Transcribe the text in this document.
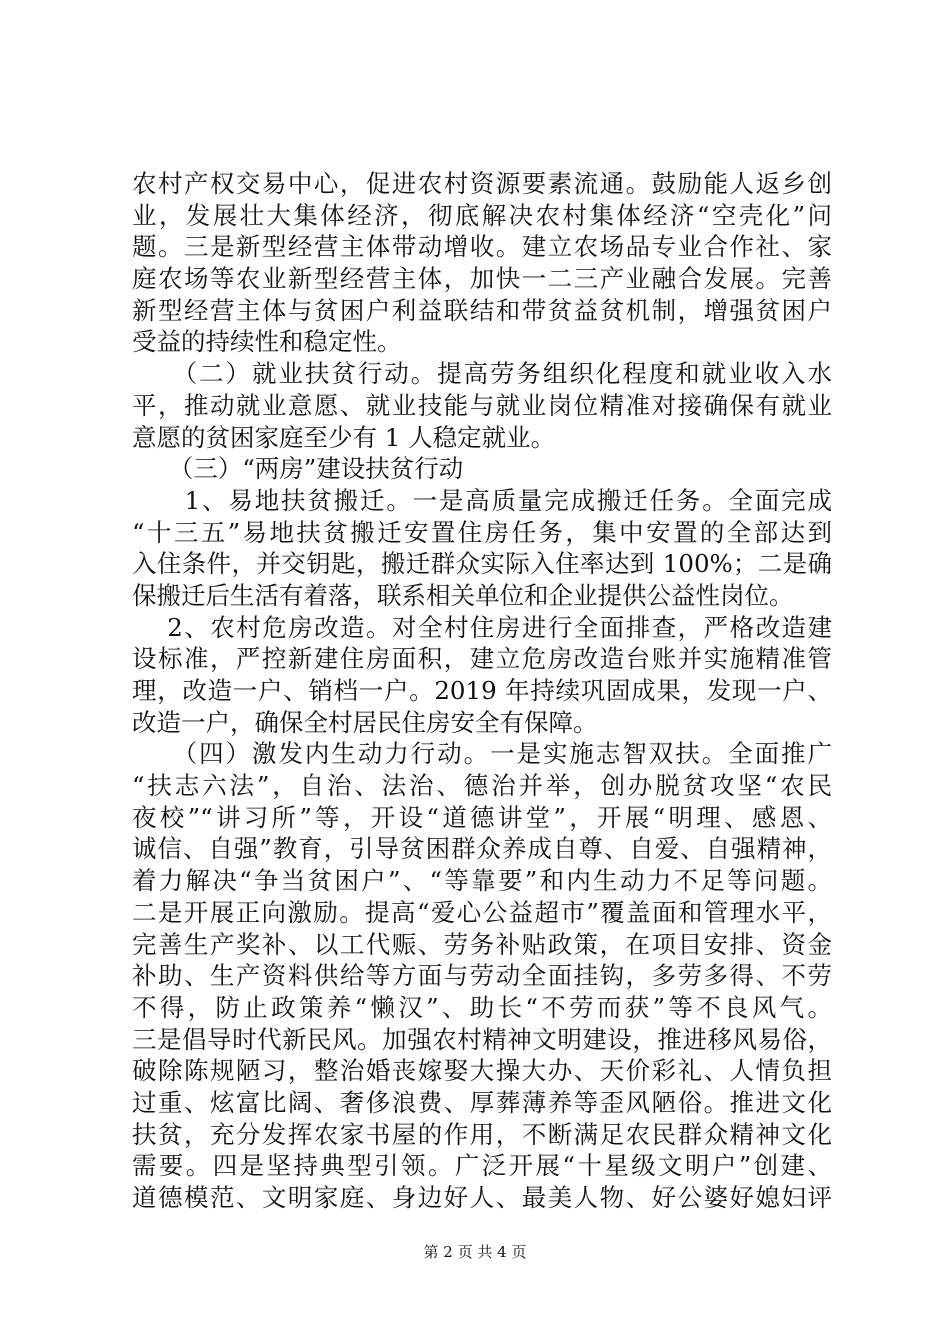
农村产权交易中心，促进农村资源要素流通。鼓励能人返乡创
业，发展壮大集体经济，彻底解决农村集体经济“空壳化”问
题。三是新型经营主体带动增收。建立农场品专业合作社、家
庭农场等农业新型经营主体，加快一二三产业融合发展。完善
新型经营主体与贫困户利益联结和带贫益贫机制，增强贫困户
受益的持续性和稳定性。
　　（二）就业扶贫行动。提高劳务组织化程度和就业收入水
平，推动就业意愿、就业技能与就业岗位精准对接确保有就业
意愿的贫困家庭至少有 1 人稳定就业。
　　（三）“两房”建设扶贫行动
　　1、易地扶贫搬迁。一是高质量完成搬迁任务。全面完成
“十三五”易地扶贫搬迁安置住房任务，集中安置的全部达到
入住条件，并交钥匙，搬迁群众实际入住率达到 100%；二是确
保搬迁后生活有着落，联系相关单位和企业提供公益性岗位。
　 2、农村危房改造。对全村住房进行全面排查，严格改造建
设标准，严控新建住房面积，建立危房改造台账并实施精准管
理，改造一户、销档一户。2019 年持续巩固成果，发现一户、
改造一户，确保全村居民住房安全有保障。
　　（四）激发内生动力行动。一是实施志智双扶。全面推广
“扶志六法”，自治、法治、德治并举，创办脱贫攻坚“农民
夜校”“讲习所”等，开设“道德讲堂”，开展“明理、感恩、
诚信、自强”教育，引导贫困群众养成自尊、自爱、自强精神，
着力解决“争当贫困户”、“等靠要”和内生动力不足等问题。
二是开展正向激励。提高“爱心公益超市”覆盖面和管理水平，
完善生产奖补、以工代赈、劳务补贴政策，在项目安排、资金
补助、生产资料供给等方面与劳动全面挂钩，多劳多得、不劳
不得，防止政策养“懒汉”、助长“不劳而获”等不良风气。
三是倡导时代新民风。加强农村精神文明建设，推进移风易俗，
破除陈规陋习，整治婚丧嫁娶大操大办、天价彩礼、人情负担
过重、炫富比阔、奢侈浪费、厚葬薄养等歪风陋俗。推进文化
扶贫，充分发挥农家书屋的作用，不断满足农民群众精神文化
需要。四是坚持典型引领。广泛开展“十星级文明户”创建、
道德模范、文明家庭、身边好人、最美人物、好公婆好媳妇评
第 2 页 共 4 页
